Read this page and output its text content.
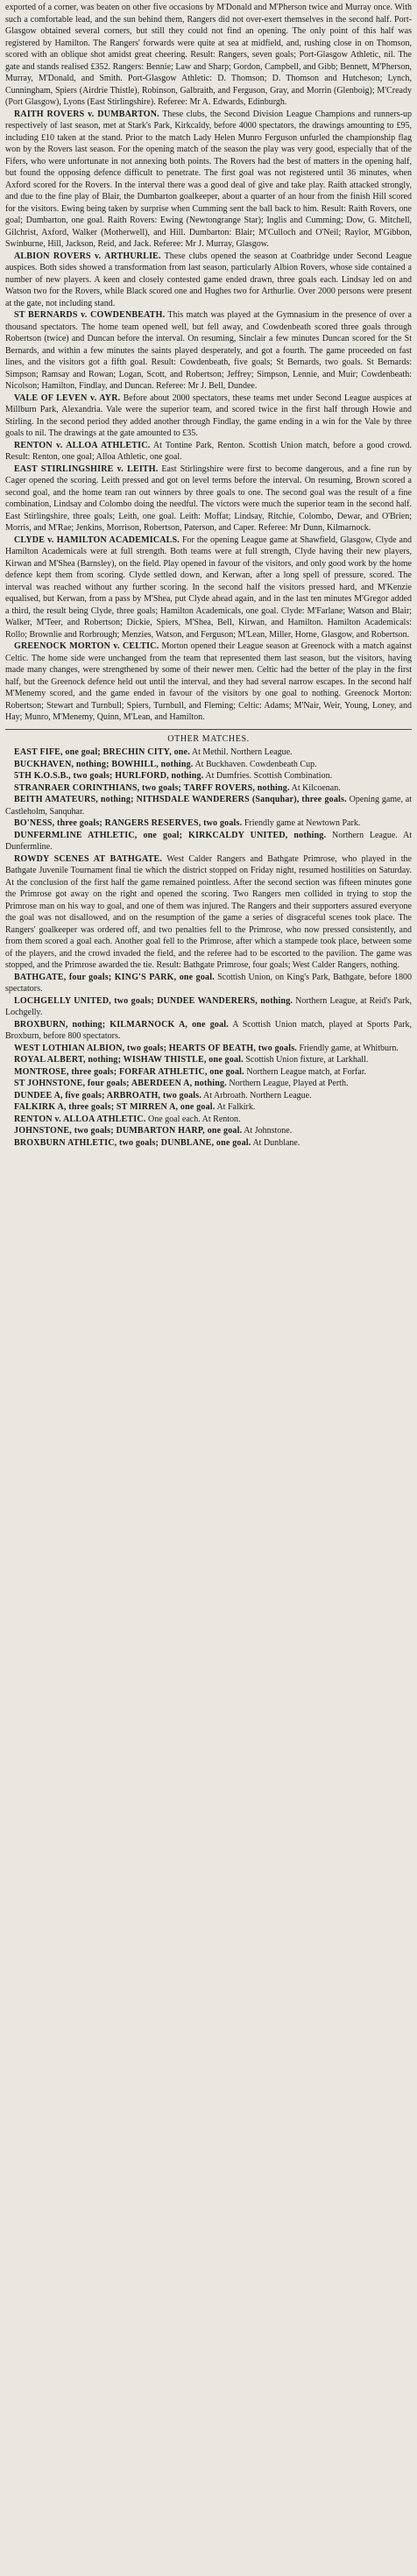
exported of a corner, was beaten on other five occasions by M'Donald and M'Pherson twice and Murray once. With such a comfortable lead, and the sun behind them, Rangers did not over-exert themselves in the second half. Port-Glasgow obtained several corners, but still they could not find an opening. The only point of this half was registered by Hamilton. The Rangers' forwards were quite at sea at midfield, and, rushing close in on Thomson, scored with an oblique shot amidst great cheering. Result: Rangers, seven goals; Port-Glasgow Athletic, nil. The gate and stands realised £352. Rangers: Bennie; Law and Sharp; Gordon, Campbell, and Gibb; Bennett, M'Pherson, Murray, M'Donald, and Smith. Port-Glasgow Athletic: D. Thomson; D. Thomson and Hutcheson; Lynch, Cunningham, Spiers (Airdrie Thistle), Robinson, Galbraith, and Ferguson, Gray, and Morrin (Glenboig); M'Cready (Port Glasgow), Lyons (East Stirlingshire). Referee: Mr A. Edwards, Edinburgh.

RAITH ROVERS v. DUMBARTON. These clubs, the Second Division League Champions and runners-up respectively of last season, met at Stark's Park, Kirkcaldy, before 4000 spectators, the drawings amounting to £95, including £10 taken at the stand. Prior to the match Lady Helen Munro Ferguson unfurled the championship flag won by the Rovers last season. For the opening match of the season the play was very good, especially that of the Fifers, who were unfortunate in not annexing both points. The Rovers had the best of matters in the opening half, but found the opposing defence difficult to penetrate. The first goal was not registered until 36 minutes, when Axford scored for the Rovers. In the interval there was a good deal of give and take play. Raith attacked strongly, and due to the fine play of Blair, the Dumbarton goalkeeper, about a quarter of an hour from the finish Hill scored for the visitors. Ewing being taken by surprise when Cumming sent the ball back to him. Result: Raith Rovers, one goal; Dumbarton, one goal. Raith Rovers: Ewing (Newtongrange Star); Inglis and Cumming; Dow, G. Mitchell, Gilchrist, Axford, Walker (Motherwell), and Hill. Dumbarton: Blair; M'Culloch and O'Neil; Raylor, M'Gibbon, Swinburne, Hill, Jackson, Reid, and Jack. Referee: Mr J. Murray, Glasgow.

ALBION ROVERS v. ARTHURLIE. These clubs opened the season at Coatbridge under Second League auspices. Both sides showed a transformation from last season, particularly Albion Rovers, whose side contained a number of new players. A keen and closely contested game ended drawn, three goals each. Lindsay led on and Watson two for the Rovers, while Black scored one and Hughes two for Arthurlie. Over 2000 persons were present at the gate, not including stand.

ST BERNARDS v. COWDENBEATH. This match was played at the Gymnasium in the presence of over a thousand spectators. The home team opened well, but fell away, and Cowdenbeath scored three goals through Robertson (twice) and Duncan before the interval. On resuming, Sinclair a few minutes Duncan scored for the St Bernards, and within a few minutes the saints played desperately, and got a fourth. The game proceeded on fast lines, and the visitors got a fifth goal. Result: Cowdenbeath, five goals; St Bernards, two goals. St Bernards: Simpson; Ramsay and Rowan; Logan, Scott, and Robertson; Jeffrey; Simpson, Lennie, and Muir; Cowdenbeath: Nicolson; Hamilton, Findlay, and Duncan. Referee: Mr J. Bell, Dundee.

VALE OF LEVEN v. AYR. Before about 2000 spectators, these teams met under Second League auspices at Millburn Park, Alexandria. Vale were the superior team, and scored twice in the first half through Howie and Stirling. In the second period they added another through Findlay, the game ending in a win for the Vale by three goals to nil. The drawings at the gate amounted to £35.

RENTON v. ALLOA ATHLETIC. At Tontine Park, Renton. Scottish Union match, before a good crowd. Result: Renton, one goal; Alloa Athletic, one goal.

EAST STIRLINGSHIRE v. LEITH. East Stirlingshire were first to become dangerous, and a fine run by Cager opened the scoring. Leith pressed and got on level terms before the interval. On resuming, Brown scored a second goal, and the home team ran out winners by three goals to one. The second goal was the result of a fine combination, Lindsay and Colombo doing the needful. The victors were much the superior team in the second half. East Stirlingshire, three goals; Leith, one goal. Leith: Moffat; Lindsay, Ritchie, Colombo, Dewar, and O'Brien; Morris, and M'Rae; Jenkins, Morrison, Robertson, Paterson, and Caper. Referee: Mr Dunn, Kilmarnock.

CLYDE v. HAMILTON ACADEMICALS. For the opening League game at Shawfield, Glasgow, Clyde and Hamilton Academicals were at full strength. Both teams were at full strength, Clyde having their new players, Kirwan and M'Shea (Barnsley), on the field. Play opened in favour of the visitors, and only good work by the home defence kept them from scoring. Clyde settled down, and Kerwan, after a long spell of pressure, scored. The interval was reached without any further scoring. In the second half the visitors pressed hard, and M'Kenzie equalised, but Kerwan, from a pass by M'Shea, put Clyde ahead again, and in the last ten minutes M'Gregor added a third, the result being Clyde, three goals; Hamilton Academicals, one goal. Clyde: M'Farlane; Watson and Blair; Walker, M'Teer, and Robertson; Dickie, Spiers, M'Shea, Bell, Kirwan, and Hamilton. Hamilton Academicals: Rollo; Brownlie and Rorbrough; Menzies, Watson, and Ferguson; M'Lean, Miller, Horne, Glasgow, and Robertson.

GREENOCK MORTON v. CELTIC. Morton opened their League season at Greenock with a match against Celtic. The home side were unchanged from the team that represented them last season, but the visitors, having made many changes, were strengthened by some of their newer men. Celtic had the better of the play in the first half, but the Greenock defence held out until the interval, and they had several narrow escapes. In the second half M'Menemy scored, and the game ended in favour of the visitors by one goal to nothing. Greenock Morton: Robertson; Stewart and Turnbull; Spiers, Turnbull, and Fleming; Celtic: Adams; M'Nair, Weir, Young, Loney, and Hay; Munro, M'Menemy, Quinn, M'Lean, and Hamilton.

OTHER MATCHES.

EAST FIFE, one goal; BRECHIN CITY, one. At Methil. Northern League.

BUCKHAVEN, nothing; BOWHILL, nothing. At Buckhaven. Cowdenbeath Cup.

5TH K.O.S.B., two goals; HURLFORD, nothing. At Dumfries. Scottish Combination.

STRANRAER CORINTHIANS, two goals; TARFF ROVERS, nothing. At Kilcoenan.

BEITH AMATEURS, nothing; NITHSDALE WANDERERS (Sanquhar), three goals. Opening game, at Castleholm, Sanquhar.

BO'NESS, three goals; RANGERS RESERVES, two goals. Friendly game at Newtown Park.

DUNFERMLINE ATHLETIC, one goal; KIRKCALDY UNITED, nothing. Northern League. At Dunfermline.

ROWDY SCENES AT BATHGATE. West Calder Rangers and Bathgate Primrose, who played in the Bathgate Juvenile Tournament final tie which the district stopped on Friday night, resumed hostilities on Saturday. At the conclusion of the first half the game remained pointless. After the second section was fifteen minutes gone the Primrose got away on the right and opened the scoring. Two Rangers men collided in trying to stop the Primrose man on his way to goal, and one of them was injured. The Rangers and their supporters assured everyone the goal was not disallowed, and on the resumption of the game a series of disgraceful scenes took place. The Rangers' goalkeeper was ordered off, and two penalties fell to the Primrose, who now pressed consistently, and from them scored a goal each. Another goal fell to the Primrose, after which a stampede took place, between some of the players, and the crowd invaded the field, and the referee had to be escorted to the pavilion. The game was stopped, and the Primrose awarded the tie. Result: Bathgate Primrose, four goals; West Calder Rangers, nothing.

BATHGATE, four goals; KING'S PARK, one goal. Scottish Union, on King's Park, Bathgate, before 1800 spectators.

LOCHGELLY UNITED, two goals; DUNDEE WANDERERS, nothing. Northern League, at Reid's Park, Lochgelly.

BROXBURN, nothing; KILMARNOCK A, one goal. A Scottish Union match, played at Sports Park, Broxburn, before 800 spectators.

WEST LOTHIAN ALBION, two goals; HEARTS OF BEATH, two goals. Friendly game, at Whitburn.

ROYAL ALBERT, nothing; WISHAW THISTLE, one goal. Scottish Union fixture, at Larkhall.

MONTROSE, three goals; FORFAR ATHLETIC, one goal. Northern League match, at Forfar.

ST JOHNSTONE, four goals; ABERDEEN A, nothing. Northern League, Played at Perth.

DUNDEE A, five goals; ARBROATH, two goals. At Arbroath. Northern League.

FALKIRK A, three goals; ST MIRREN A, one goal. At Falkirk.

RENTON v. ALLOA ATHLETIC. One goal each. At Renton.

JOHNSTONE, two goals; DUMBARTON HARP, one goal. At Johnstone.

BROXBURN ATHLETIC, two goals; DUNBLANE, one goal. At Dunblane.
